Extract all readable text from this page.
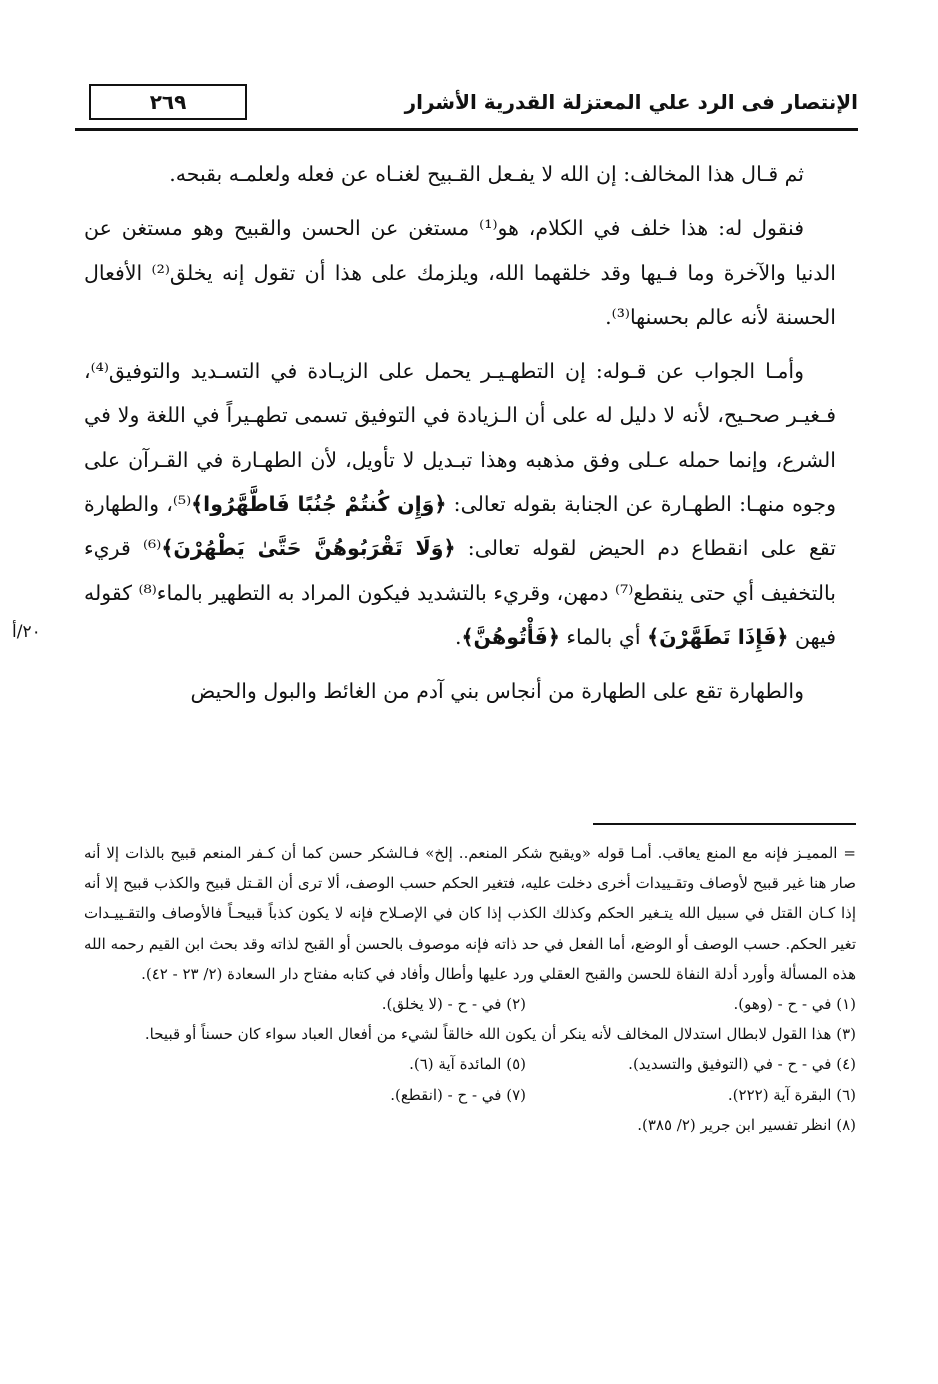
الإنتصار فى الرد علي المعتزلة القدرية الأشرار
٢٦٩

ثم قـال هذا المخالف: إن الله لا يفـعل القـبيح لغنـاه عن فعله ولعلمـه بقبحه.

فنقول له: هذا خلف في الكلام، هو⁽¹⁾ مستغن عن الحسن والقبيح وهو مستغن عن الدنيا والآخرة وما فـيها وقد خلقهما الله، ويلزمك على هذا أن تقول إنه يخلق⁽²⁾ الأفعال الحسنة لأنه عالم بحسنها⁽³⁾.

وأمـا الجواب عن قـوله: إن التطهـيـر يحمل على الزيـادة في التسـديد والتوفيق⁽⁴⁾، فـغيـر صحـيح، لأنه لا دليل له على أن الـزيادة في التوفيق تسمى تطهـيراً في اللغة ولا في الشرع، وإنما حمله عـلى وفق مذهبه وهذا تبـديل لا تأويل، لأن الطهـارة في القـرآن على وجوه منهـا: الطهـارة عن الجنابة بقوله تعالى: ﴿وَإِن كُنتُمْ جُنُبًا فَاطَّهَّرُوا﴾⁽⁵⁾، والطهارة تقع على انقطاع دم الحيض لقوله تعالى: ﴿وَلَا تَقْرَبُوهُنَّ حَتَّىٰ يَطْهُرْنَ﴾⁽⁶⁾ قريء بالتخفيف أي حتى ينقطع⁽⁷⁾ دمهن، وقريء بالتشديد فيكون المراد به التطهير بالماء⁽⁸⁾ كقوله فيهن ﴿فَإِذَا تَطَهَّرْنَ﴾ أي بالماء ﴿فَأْتُوهُنَّ﴾.

والطهارة تقع على الطهارة من أنجاس بني آدم من الغائط والبول والحيض

٢٠/أ

= المميـز فإنه مع المنع يعاقب. أمـا قوله «ويقبح شكر المنعم.. إلخ» فـالشكر حسن كما أن كـفر المنعم قبيح بالذات إلا أنه صار هنا غير قبيح لأوصاف وتقـييدات أخرى دخلت عليه، فتغير الحكم حسب الوصف، ألا ترى أن القـتل قبيح والكذب قبيح إلا أنه إذا كـان القتل في سبيل الله يتـغير الحكم وكذلك الكذب إذا كان في الإصـلاح فإنه لا يكون كذباً قبيحـاً فالأوصاف والتقـييـدات تغير الحكم. حسب الوصف أو الوضع، أما الفعل في حد ذاته فإنه موصوف بالحسن أو القبح لذاته وقد بحث ابن القيم رحمه الله هذه المسألة وأورد أدلة النفاة للحسن والقبح العقلي ورد عليها وأطال وأفاد في كتابه مفتاح دار السعادة (٢/ ٢٣ - ٤٢).

(١) في - ح - (وهو).
(٢) في - ح - (لا يخلق).

(٣) هذا القول لابطال استدلال المخالف لأنه ينكر أن يكون الله خالقاً لشيء من أفعال العباد سواء كان حسناً أو قبيحا.

(٤) في - ح - في (التوفيق والتسديد).
(٥) المائدة آية (٦).
(٦) البقرة آية (٢٢٢).
(٧) في - ح - (انقطع).

(٨) انظر تفسير ابن جرير (٢/ ٣٨٥).
